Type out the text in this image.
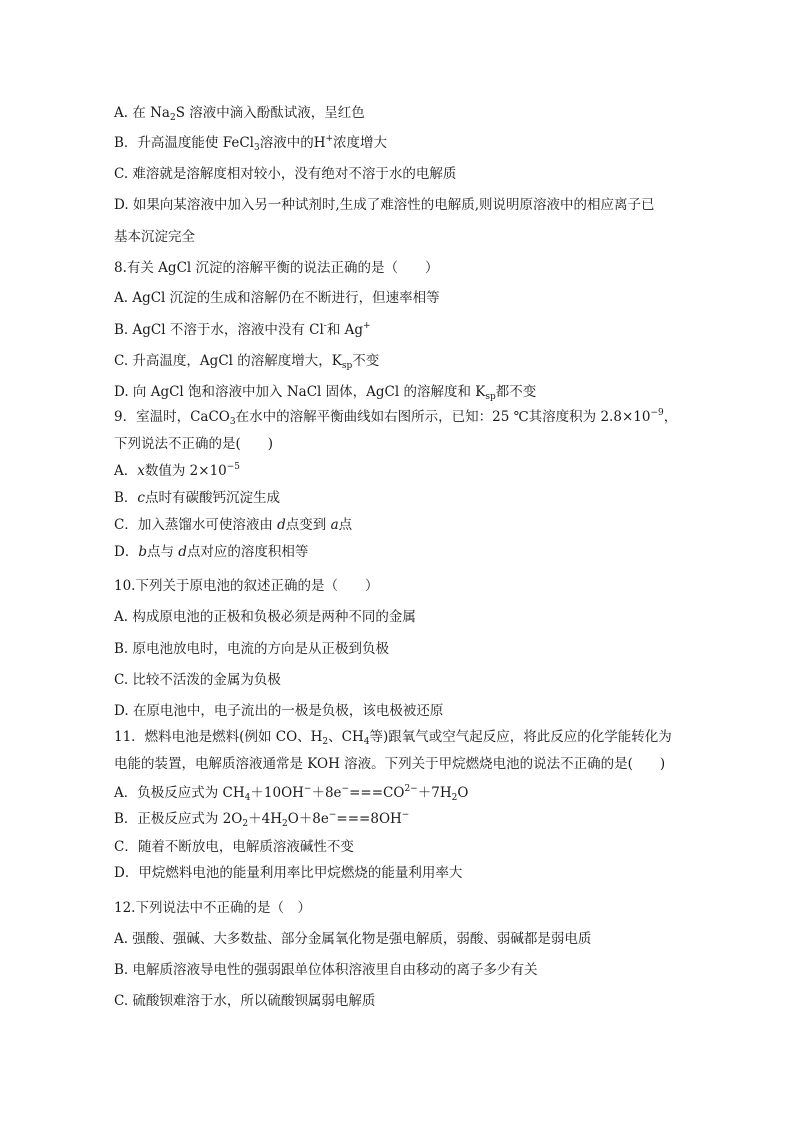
A. 在 $Na_2S$ 溶液中滴入酚酞试液，呈红色
B．升高温度能使 FeCl$_3$溶液中的H+浓度增大
C. 难溶就是溶解度相对较小，没有绝对不溶于水的电解质
D. 如果向某溶液中加入另一种试剂时,生成了难溶性的电解质,则说明原溶液中的相应离子已
基本沉淀完全
8.有关 AgCl 沉淀的溶解平衡的说法正确的是（　　）
A. AgCl 沉淀的生成和溶解仍在不断进行，但速率相等
B. AgCl 不溶于水，溶液中没有 Cl-和 Ag+
C. 升高温度，AgCl 的溶解度增大，$K_{sp}$不变
D. 向 AgCl 饱和溶液中加入 NaCl 固体，AgCl 的溶解度和 $K_{sp}$都不变
9．室温时，CaCO$_3$在水中的溶解平衡曲线如右图所示，已知：25 ℃其溶度积为 $2.8\times 10^{-9}$，
下列说法不正确的是(　　)
A．x数值为 $2\times 10^{-5}$
B．c点时有碳酸钙沉淀生成
C．加入蒸馏水可使溶液由 d点变到 a点
D．b点与 d点对应的溶度积相等
10.下列关于原电池的叙述正确的是（　　）
A. 构成原电池的正极和负极必须是两种不同的金属
B. 原电池放电时，电流的方向是从正极到负极
C. 比较不活泼的金属为负极
D. 在原电池中，电子流出的一极是负极，该电极被还原
11．燃料电池是燃料(例如 CO、$H_2$、$CH_4$等)跟氧气或空气起反应，将此反应的化学能转化为
电能的装置，电解质溶液通常是 KOH 溶液。下列关于甲烷燃烧电池的说法不正确的是(　　)
A．负极反应式为 $CH_4+10OH^-+8e^-===CO^{2-}+7H_2O$
B．正极反应式为 $2O_2+4H_2O+8e^-===8OH^-$
C．随着不断放电，电解质溶液碱性不变
D．甲烷燃料电池的能量利用率比甲烷燃烧的能量利用率大
12.下列说法中不正确的是（　）
A. 强酸、强碱、大多数盐、部分金属氧化物是强电解质，弱酸、弱碱都是弱电质
B. 电解质溶液导电性的强弱跟单位体积溶液里自由移动的离子多少有关
C. 硫酸钡难溶于水，所以硫酸钡属弱电解质
